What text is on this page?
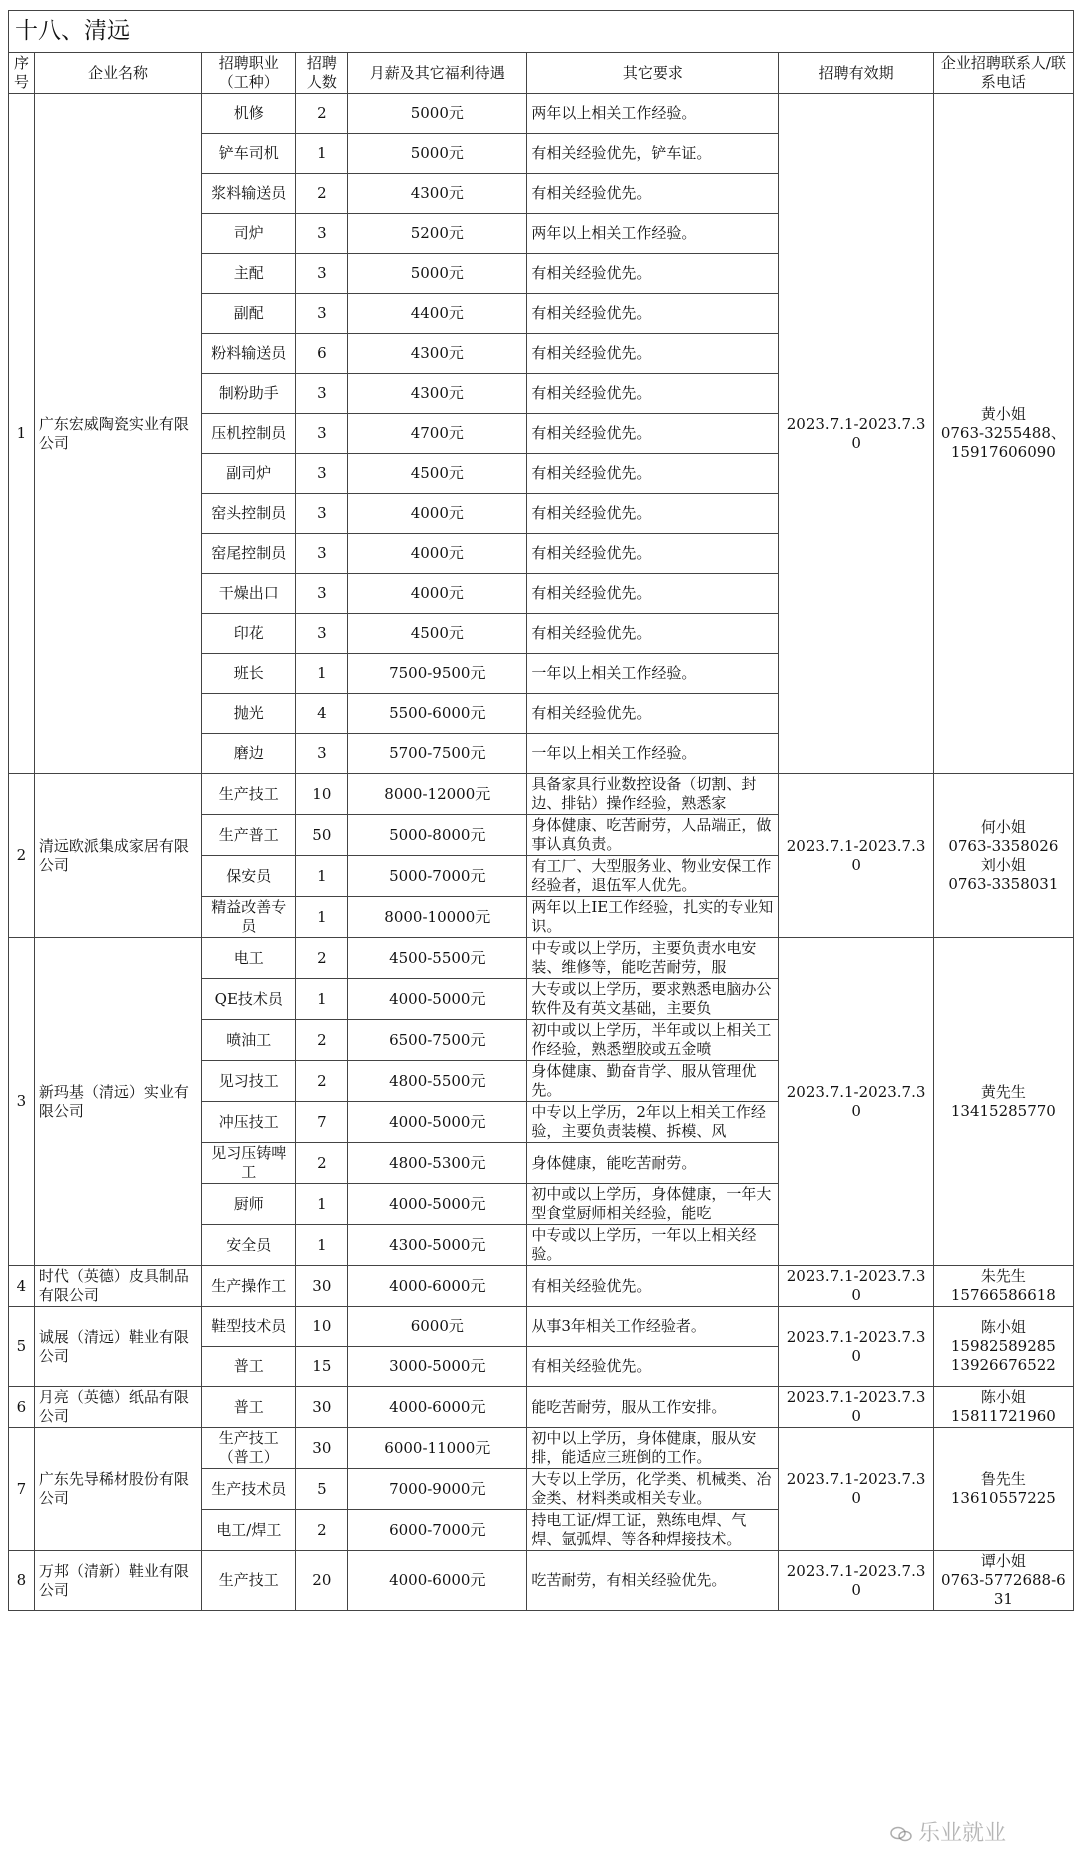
十八、清远
序号	企业名称	招聘职业（工种）	招聘人数	月薪及其它福利待遇	其它要求	招聘有效期	企业招聘联系人/联系电话
1	广东宏威陶瓷实业有限公司	机修	2	5000元	两年以上相关工作经验。	2023.7.1-2023.7.30	黄小姐
0763-3255488、
15917606090
		铲车司机	1	5000元	有相关经验优先，铲车证。		

		浆料输送员	2	4300元	有相关经验优先。		

		司炉	3	5200元	两年以上相关工作经验。		

		主配	3	5000元	有相关经验优先。		

		副配	3	4400元	有相关经验优先。		

		粉料输送员	6	4300元	有相关经验优先。		

		制粉助手	3	4300元	有相关经验优先。		

		压机控制员	3	4700元	有相关经验优先。		

		副司炉	3	4500元	有相关经验优先。		

		窑头控制员	3	4000元	有相关经验优先。		

		窑尾控制员	3	4000元	有相关经验优先。		

		干燥出口	3	4000元	有相关经验优先。		

		印花	3	4500元	有相关经验优先。		

		班长	1	7500-9500元	一年以上相关工作经验。		

		抛光	4	5500-6000元	有相关经验优先。		

		磨边	3	5700-7500元	一年以上相关工作经验。		

2	清远欧派集成家居有限公司	生产技工	10	8000-12000元	具备家具行业数控设备（切割、封边、排钻）操作经验，熟悉家	2023.7.1-2023.7.30	何小姐
0763-3358026
刘小姐
0763-3358031
		生产普工	50	5000-8000元	身体健康、吃苦耐劳，人品端正，做事认真负责。		

		保安员	1	5000-7000元	有工厂、大型服务业、物业安保工作经验者，退伍军人优先。		

		精益改善专员	1	8000-10000元	两年以上IE工作经验，扎实的专业知识。		

3	新玛基（清远）实业有限公司	电工	2	4500-5500元	中专或以上学历，主要负责水电安装、维修等，能吃苦耐劳，服	2023.7.1-2023.7.30	黄先生
13415285770
		QE技术员	1	4000-5000元	大专或以上学历，要求熟悉电脑办公软件及有英文基础，主要负		

		喷油工	2	6500-7500元	初中或以上学历，半年或以上相关工作经验，熟悉塑胶或五金喷		

		见习技工	2	4800-5500元	身体健康、勤奋肯学、服从管理优先。		

		冲压技工	7	4000-5000元	中专以上学历，2年以上相关工作经验，主要负责装模、拆模、风		

		见习压铸啤工	2	4800-5300元	身体健康，能吃苦耐劳。		

		厨师	1	4000-5000元	初中或以上学历，身体健康，一年大型食堂厨师相关经验，能吃		

		安全员	1	4300-5000元	中专或以上学历，一年以上相关经验。		

4	时代（英德）皮具制品有限公司	生产操作工	30	4000-6000元	有相关经验优先。	2023.7.1-2023.7.30	朱先生
15766586618
5	诚展（清远）鞋业有限公司	鞋型技术员	10	6000元	从事3年相关工作经验者。	2023.7.1-2023.7.30	陈小姐
15982589285
13926676522
		普工	15	3000-5000元	有相关经验优先。		

6	月亮（英德）纸品有限公司	普工	30	4000-6000元	能吃苦耐劳，服从工作安排。	2023.7.1-2023.7.30	陈小姐
15811721960
7	广东先导稀材股份有限公司	生产技工（普工）	30	6000-11000元	初中以上学历，身体健康，服从安排，能适应三班倒的工作。	2023.7.1-2023.7.30	鲁先生
13610557225
		生产技术员	5	7000-9000元	大专以上学历，化学类、机械类、冶金类、材料类或相关专业。		

		电工/焊工	2	6000-7000元	持电工证/焊工证，熟练电焊、气焊、氩弧焊、等各种焊接技术。		

8	万邦（清新）鞋业有限公司	生产技工	20	4000-6000元	吃苦耐劳，有相关经验优先。	2023.7.1-2023.7.30	谭小姐
0763-5772688-631
乐业就业
